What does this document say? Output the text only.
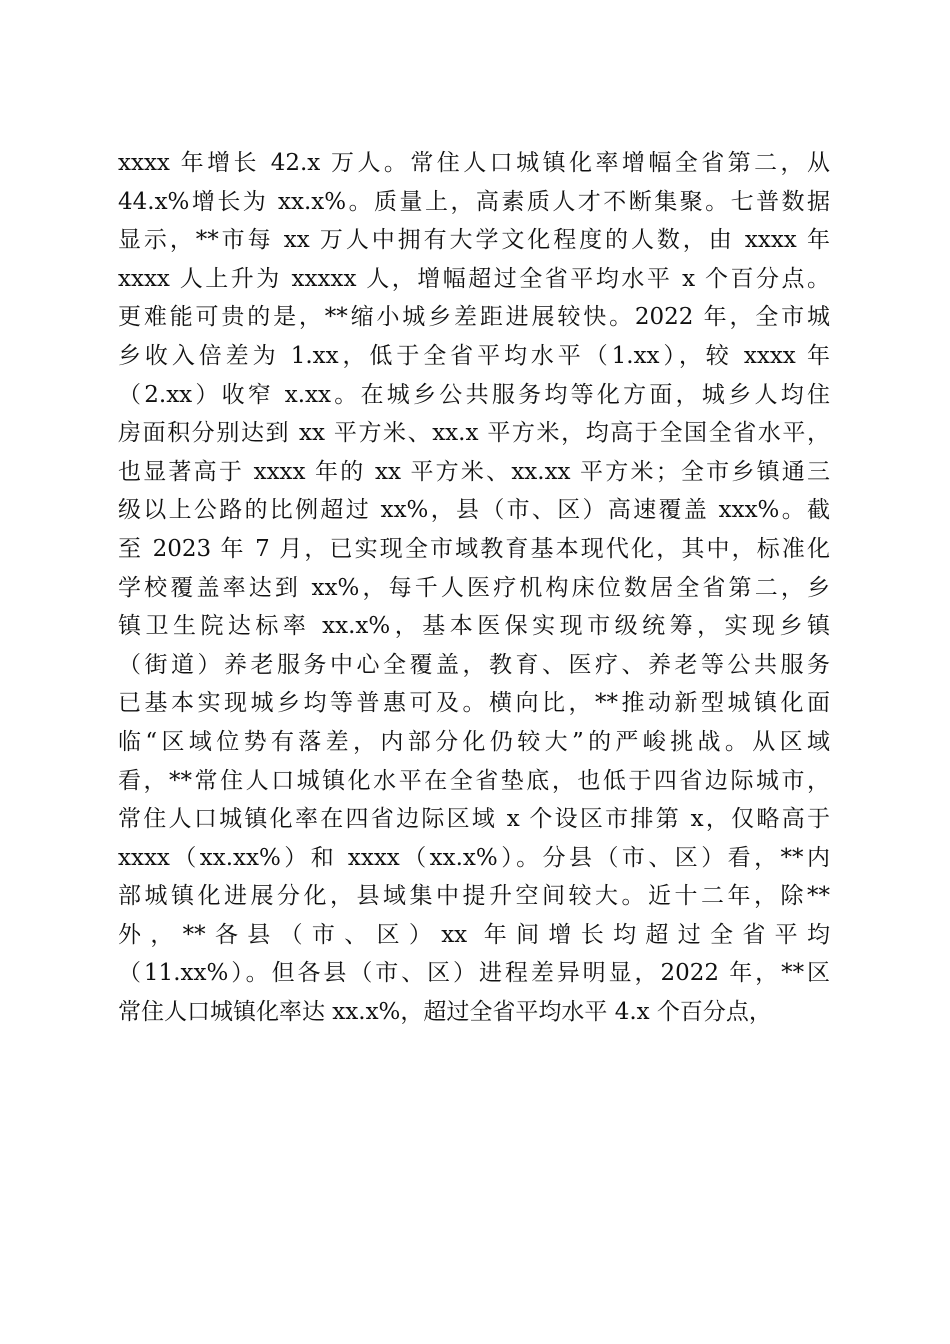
xxxx 年增长 42.x 万人。常住人口城镇化率增幅全省第二，从
44.x%增长为 xx.x%。质量上，高素质人才不断集聚。七普数据
显示，**市每 xx 万人中拥有大学文化程度的人数，由 xxxx 年
xxxx 人上升为 xxxxx 人，增幅超过全省平均水平 x 个百分点。
更难能可贵的是，**缩小城乡差距进展较快。2022 年，全市城
乡收入倍差为 1.xx，低于全省平均水平（1.xx），较 xxxx 年
（2.xx）收窄 x.xx。在城乡公共服务均等化方面，城乡人均住
房面积分别达到 xx 平方米、xx.x 平方米，均高于全国全省水平，
也显著高于 xxxx 年的 xx 平方米、xx.xx 平方米；全市乡镇通三
级以上公路的比例超过 xx%，县（市、区）高速覆盖 xxx%。截
至 2023 年 7 月，已实现全市域教育基本现代化，其中，标准化
学校覆盖率达到 xx%，每千人医疗机构床位数居全省第二，乡
镇卫生院达标率 xx.x%，基本医保实现市级统筹，实现乡镇
（街道）养老服务中心全覆盖，教育、医疗、养老等公共服务
已基本实现城乡均等普惠可及。横向比，**推动新型城镇化面
临“区域位势有落差，内部分化仍较大”的严峻挑战。从区域
看，**常住人口城镇化水平在全省垫底，也低于四省边际城市，
常住人口城镇化率在四省边际区域 x 个设区市排第 x，仅略高于
xxxx（xx.xx%）和 xxxx（xx.x%）。分县（市、区）看，**内
部城镇化进展分化，县域集中提升空间较大。近十二年，除**
外，**各县（市、区）xx 年间增长均超过全省平均
（11.xx%）。但各县（市、区）进程差异明显，2022 年，**区
常住人口城镇化率达 xx.x%，超过全省平均水平 4.x 个百分点，
